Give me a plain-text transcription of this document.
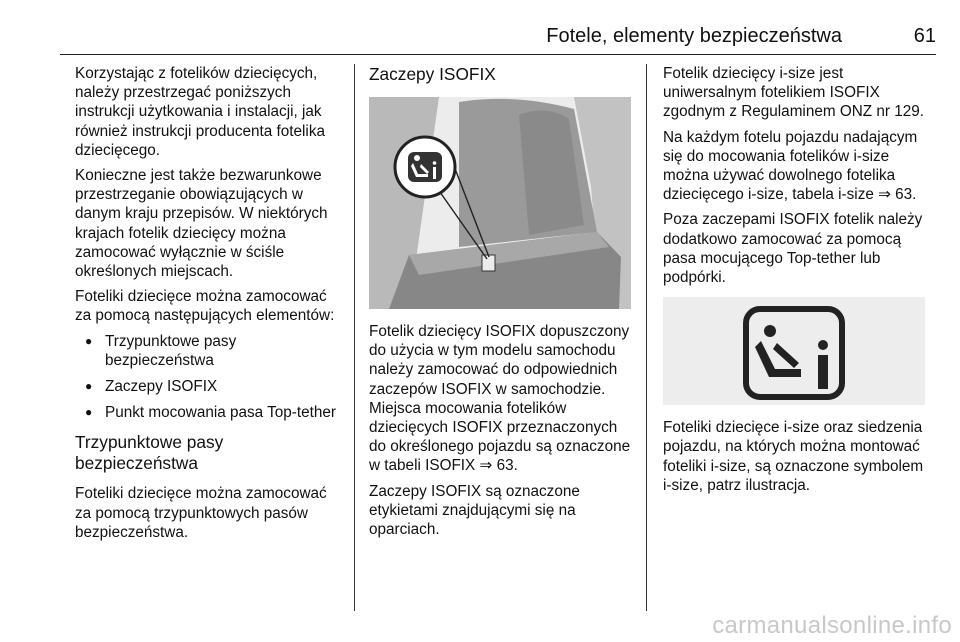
Fotele, elementy bezpieczeństwa	61

Korzystając z fotelików dziecięcych, należy przestrzegać poniższych instrukcji użytkowania i instalacji, jak również instrukcji producenta fotelika dziecięcego.

Konieczne jest także bezwarunkowe przestrzeganie obowiązujących w danym kraju przepisów. W niektórych krajach fotelik dziecięcy można zamocować wyłącznie w ściśle określonych miejscach.

Foteliki dziecięce można zamocować za pomocą następujących elementów:

● Trzypunktowe pasy bezpieczeństwa
● Zaczepy ISOFIX
● Punkt mocowania pasa Top-tether
Trzypunktowe pasy bezpieczeństwa

Foteliki dziecięce można zamocować za pomocą trzypunktowych pasów bezpieczeństwa.

Zaczepy ISOFIX

Fotelik dziecięcy ISOFIX dopuszczony do użycia w tym modelu samochodu należy zamocować do odpowiednich zaczepów ISOFIX w samochodzie. Miejsca mocowania fotelików dziecięcych ISOFIX przeznaczonych do określonego pojazdu są oznaczone w tabeli ISOFIX ⇒ 63.

Zaczepy ISOFIX są oznaczone etykietami znajdującymi się na oparciach.

Fotelik dziecięcy i-size jest uniwersalnym fotelikiem ISOFIX zgodnym z Regulaminem ONZ nr 129.

Na każdym fotelu pojazdu nadającym się do mocowania fotelików i-size można używać dowolnego fotelika dziecięcego i-size, tabela i-size ⇒ 63.

Poza zaczepami ISOFIX fotelik należy dodatkowo zamocować za pomocą pasa mocującego Top-tether lub podpórki.

Foteliki dziecięce i-size oraz siedzenia pojazdu, na których można montować foteliki i-size, są oznaczone symbolem i-size, patrz ilustracja.

carmanualsonline.info
